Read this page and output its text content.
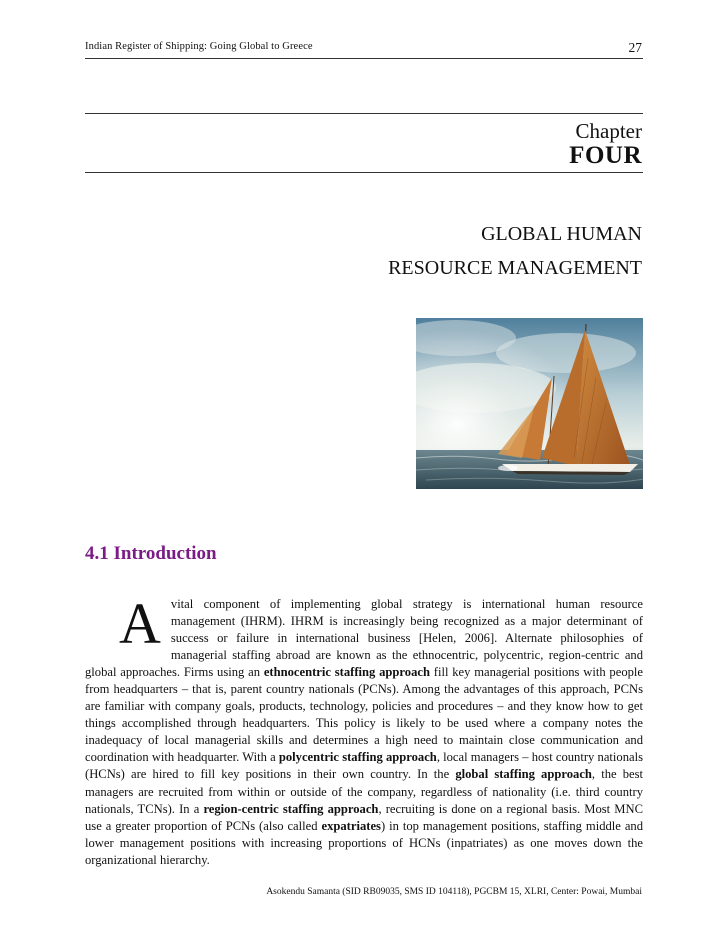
Indian Register of Shipping: Going Global to Greece	27
Chapter
FOUR
GLOBAL HUMAN
RESOURCE MANAGEMENT
4.1 Introduction
A vital component of implementing global strategy is international human resource management (IHRM). IHRM is increasingly being recognized as a major determinant of success or failure in international business [Helen, 2006]. Alternate philosophies of managerial staffing abroad are known as the ethnocentric, polycentric, region-centric and global approaches. Firms using an ethnocentric staffing approach fill key managerial positions with people from headquarters – that is, parent country nationals (PCNs). Among the advantages of this approach, PCNs are familiar with company goals, products, technology, policies and procedures – and they know how to get things accomplished through headquarters. This policy is likely to be used where a company notes the inadequacy of local managerial skills and determines a high need to maintain close communication and coordination with headquarter. With a polycentric staffing approach, local managers – host country nationals (HCNs) are hired to fill key positions in their own country. In the global staffing approach, the best managers are recruited from within or outside of the company, regardless of nationality (i.e. third country nationals, TCNs). In a region-centric staffing approach, recruiting is done on a regional basis. Most MNC use a greater proportion of PCNs (also called expatriates) in top management positions, staffing middle and lower management positions with increasing proportions of HCNs (inpatriates) as one moves down the organizational hierarchy.
Asokendu Samanta (SID RB09035, SMS ID 104118), PGCBM 15, XLRI, Center: Powai, Mumbai
